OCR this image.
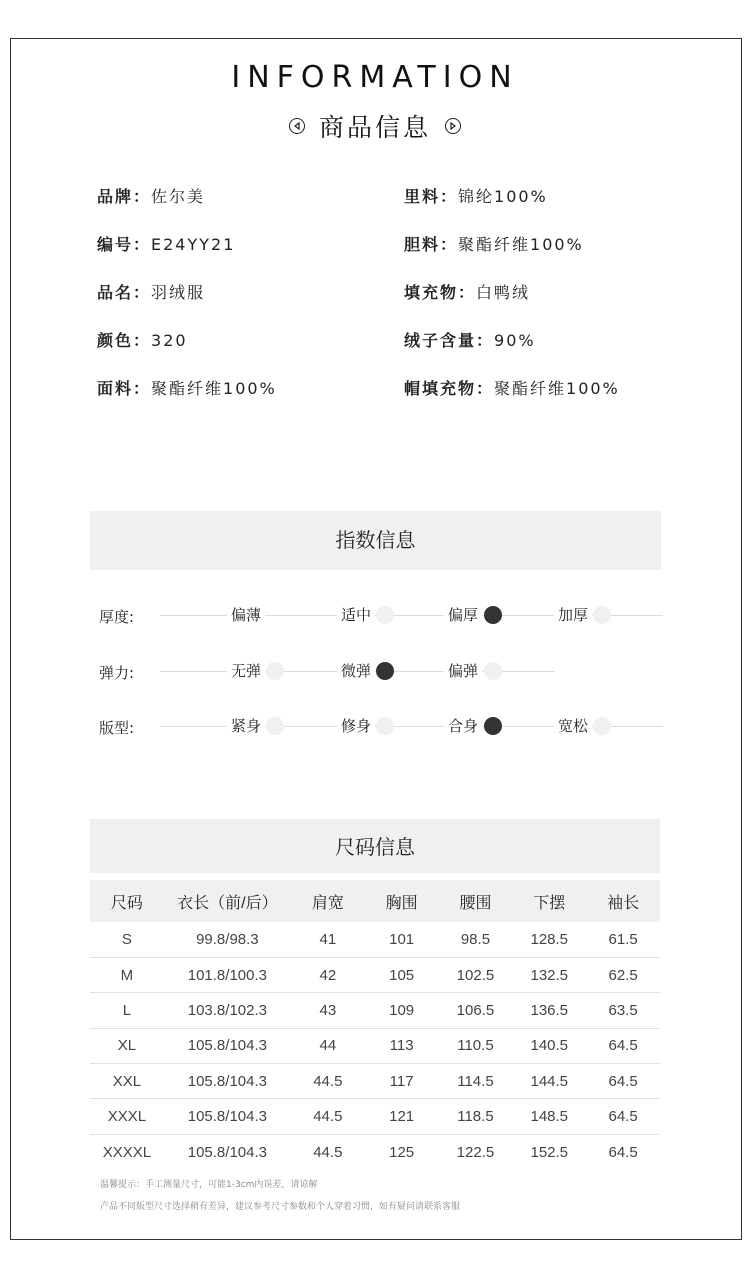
INFORMATION
商品信息
品牌：佐尔美	里料：锦纶100%
编号：E24YY21	胆料：聚酯纤维100%
品名：羽绒服	填充物：白鸭绒
颜色：320	绒子含量：90%
面料：聚酯纤维100%	帽填充物：聚酯纤维100%
指数信息
厚度:	偏薄	适中	偏厚	加厚
弹力:	无弹	微弹	偏弹
版型:	紧身	修身	合身	宽松
尺码信息
尺码	衣长（前/后）	肩宽	胸围	腰围	下摆	袖长
S	99.8/98.3	41	101	98.5	128.5	61.5
M	101.8/100.3	42	105	102.5	132.5	62.5
L	103.8/102.3	43	109	106.5	136.5	63.5
XL	105.8/104.3	44	113	110.5	140.5	64.5
XXL	105.8/104.3	44.5	117	114.5	144.5	64.5
XXXL	105.8/104.3	44.5	121	118.5	148.5	64.5
XXXXL	105.8/104.3	44.5	125	122.5	152.5	64.5
温馨提示：手工测量尺寸，可能1-3cm内误差，请谅解
产品不同版型尺寸选择稍有差异，建议参考尺寸参数和个人穿着习惯，如有疑问请联系客服
